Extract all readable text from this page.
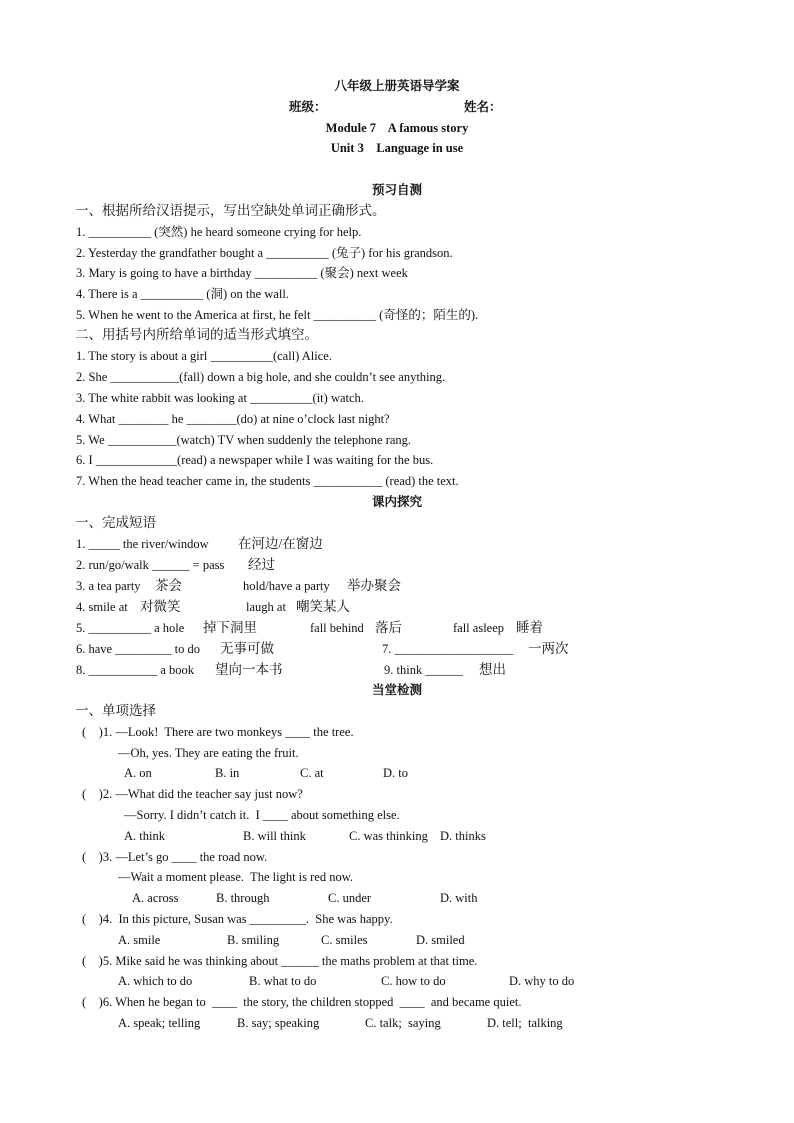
八年级上册英语导学案
班级：	姓名：
Module 7    A famous story
Unit 3    Language in use
预习自测
一、根据所给汉语提示，写出空缺处单词正确形式。
1. __________ (突然) he heard someone crying for help.
2. Yesterday the grandfather bought a __________ (兔子) for his grandson.
3. Mary is going to have a birthday __________ (聚会) next week
4. There is a __________ (洞) on the wall.
5. When he went to the America at first, he felt __________ (奇怪的；陌生的).
二、用括号内所给单词的适当形式填空。
1. The story is about a girl __________(call) Alice.
2. She ___________(fall) down a big hole, and she couldn’t see anything.
3. The white rabbit was looking at __________(it) watch.
4. What ________ he ________(do) at nine o’clock last night?
5. We ___________(watch) TV when suddenly the telephone rang.
6. I _____________(read) a newspaper while I was waiting for the bus.
7. When the head teacher came in, the students ___________ (read) the text.
课内探究
一、完成短语
1. _____ the river/window 在河边/在窗边
2. run/go/walk ______ = pass 经过
3. a tea party 茶会	hold/have a party 举办聚会
4. smile at 对微笑	laugh at 嘲笑某人
5. __________ a hole 掉下洞里	fall behind 落后	fall asleep 睡着
6. have _________ to do 无事可做	7. ___________________ 一两次
8. ___________ a book 望向一本书	9. think ______ 想出
当堂检测
一、单项选择
(    )1. —Look!  There are two monkeys ____ the tree.
—Oh, yes. They are eating the fruit.
A. on	B. in	C. at	D. to
(    )2. —What did the teacher say just now?
—Sorry. I didn’t catch it.  I ____ about something else.
A. think	B. will think	C. was thinking D. thinks
(    )3. —Let’s go ____ the road now.
—Wait a moment please.  The light is red now.
A. across	B. through	C. under	D. with
(    )4.  In this picture, Susan was _________.  She was happy.
A. smile	B. smiling	C. smiles	D. smiled
(    )5. Mike said he was thinking about ______ the maths problem at that time.
A. which to do	B. what to do	C. how to do	D. why to do
(    )6. When he began to  ____  the story, the children stopped  ____  and became quiet.
A. speak; telling	B. say; speaking	C. talk;  saying	D. tell;  talking
